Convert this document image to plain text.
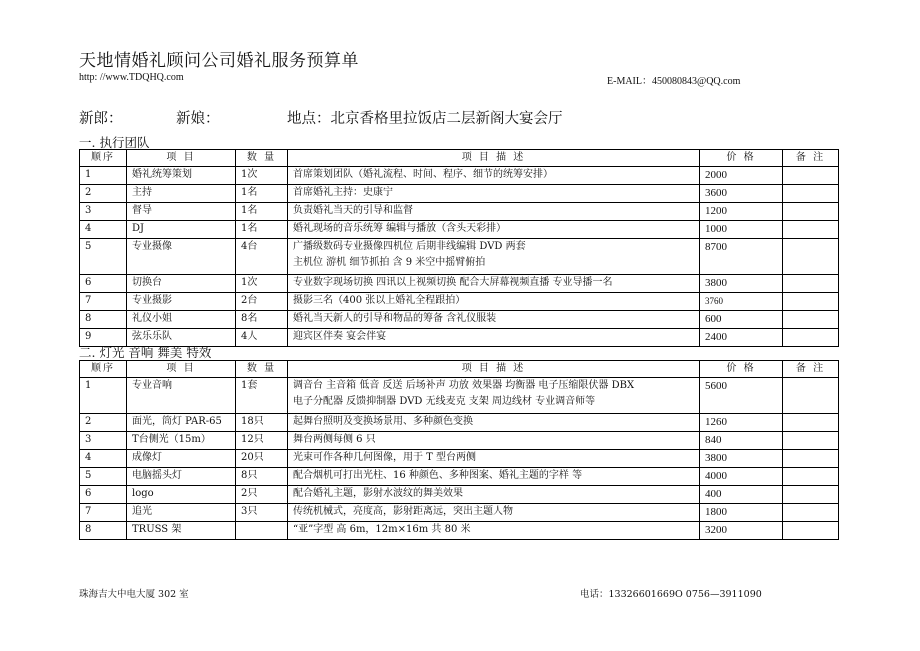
天地情婚礼顾问公司婚礼服务预算单
http: //www.TDQHQ.com	E-MAIL：450080843@QQ.com
新郎：	新娘：	地点：北京香格里拉饭店二层新阁大宴会厅
一. 执行团队
顺序	项 目	数 量	项 目 描 述	价 格	备 注
1	婚礼统筹策划	1次	首席策划团队（婚礼流程、时间、程序、细节的统筹安排）	2000	
2	主持	1名	首席婚礼主持：史康宁	3600	
3	督导	1名	负责婚礼当天的引导和监督	1200	
4	DJ	1名	婚礼现场的音乐统筹 编辑与播放（含头天彩排）	1000	
5	专业摄像	4台	广播级数码专业摄像四机位 后期非线编辑 DVD 两套
主机位 游机 细节抓拍 含 9 米空中摇臂俯拍	8700	
6	切换台	1次	专业数字现场切换 四讯以上视频切换 配合大屏幕视频直播 专业导播一名	3800	
7	专业摄影	2台	摄影三名（400 张以上婚礼全程跟拍）	3760	
8	礼仪小姐	8名	婚礼当天新人的引导和物品的筹备 含礼仪服装	600	
9	弦乐乐队	4人	迎宾区伴奏 宴会伴宴	2400	
二. 灯光 音响 舞美 特效
顺序	项 目	数 量	项 目 描 述	价 格	备 注
1	专业音响	1套	调音台 主音箱 低音 反送 后场补声 功放 效果器 均衡器 电子压缩限伏器 DBX
电子分配器 反馈抑制器 DVD 无线麦克 支架 周边线材 专业调音师等	5600	
2	面光，筒灯 PAR-65	18只	起舞台照明及变换场景用、多种颜色变换	1260	
3	T台侧光（15m）	12只	舞台两侧每侧 6 只	840	
4	成像灯	20只	光束可作各种几何图像，用于 T 型台两侧	3800	
5	电脑摇头灯	8只	配合烟机可打出光柱、16 种颜色、多种图案、婚礼主题的字样 等	4000	
6	logo	2只	配合婚礼主题，影射水波纹的舞美效果	400	
7	追光	3只	传统机械式，亮度高，影射距离远，突出主题人物	1800	
8	TRUSS 架		“亚”字型 高 6m，12m×16m 共 80 米	3200	
珠海吉大中电大厦 302 室	电话：13326601669O 0756—3911090
